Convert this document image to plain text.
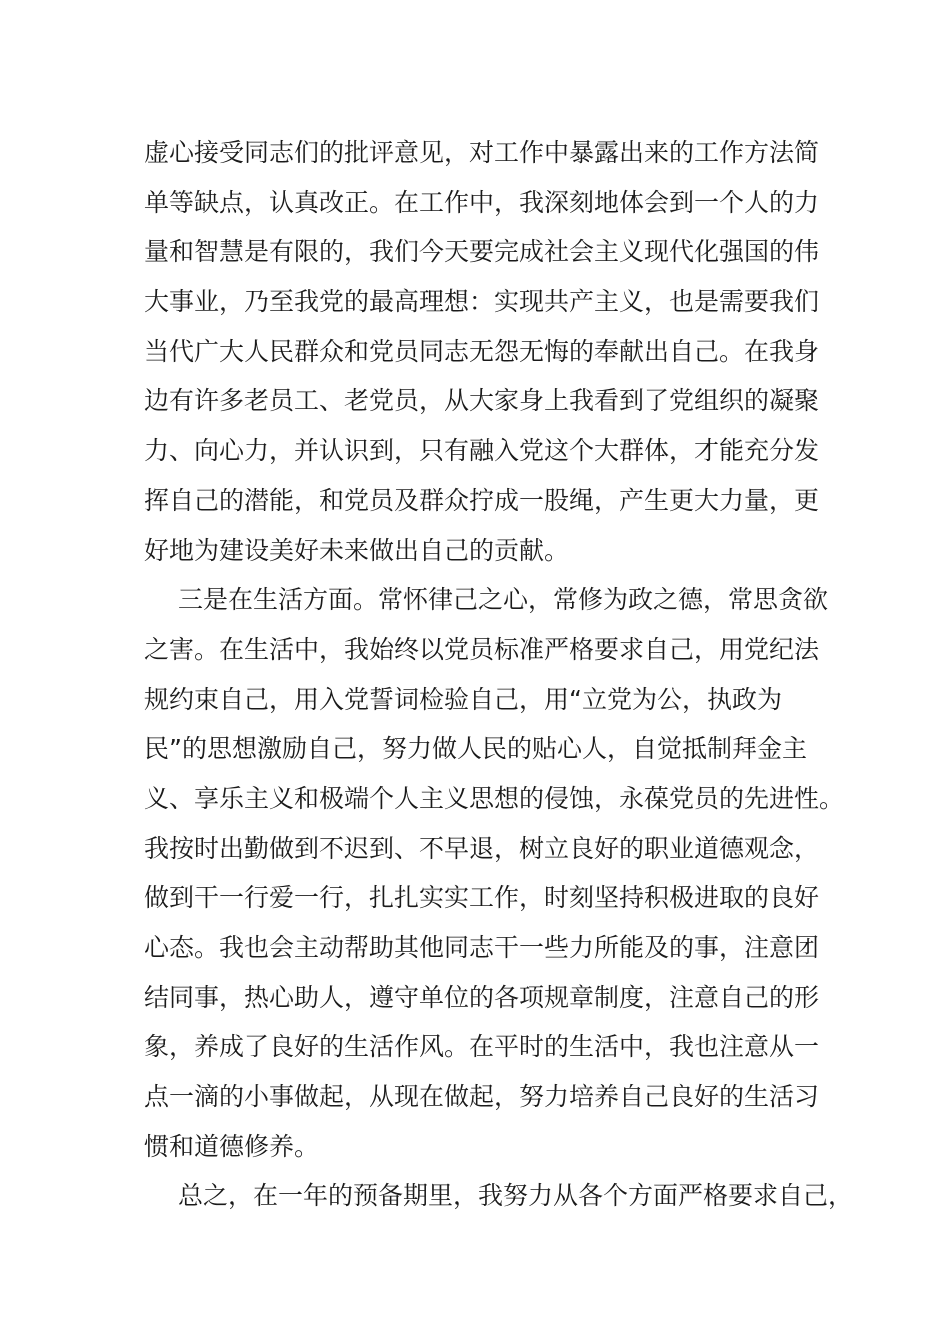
虚心接受同志们的批评意见，对工作中暴露出来的工作方法简
单等缺点，认真改正。在工作中，我深刻地体会到一个人的力
量和智慧是有限的，我们今天要完成社会主义现代化强国的伟
大事业，乃至我党的最高理想：实现共产主义，也是需要我们
当代广大人民群众和党员同志无怨无悔的奉献出自己。在我身
边有许多老员工、老党员，从大家身上我看到了党组织的凝聚
力、向心力，并认识到，只有融入党这个大群体，才能充分发
挥自己的潜能，和党员及群众拧成一股绳，产生更大力量，更
好地为建设美好未来做出自己的贡献。
三是在生活方面。常怀律己之心，常修为政之德，常思贪欲
之害。在生活中，我始终以党员标准严格要求自己，用党纪法
规约束自己，用入党誓词检验自己，用“立党为公，执政为
民”的思想激励自己，努力做人民的贴心人，自觉抵制拜金主
义、享乐主义和极端个人主义思想的侵蚀，永葆党员的先进性。
我按时出勤做到不迟到、不早退，树立良好的职业道德观念，
做到干一行爱一行，扎扎实实工作，时刻坚持积极进取的良好
心态。我也会主动帮助其他同志干一些力所能及的事，注意团
结同事，热心助人，遵守单位的各项规章制度，注意自己的形
象，养成了良好的生活作风。在平时的生活中，我也注意从一
点一滴的小事做起，从现在做起，努力培养自己良好的生活习
惯和道德修养。
总之，在一年的预备期里，我努力从各个方面严格要求自己，
